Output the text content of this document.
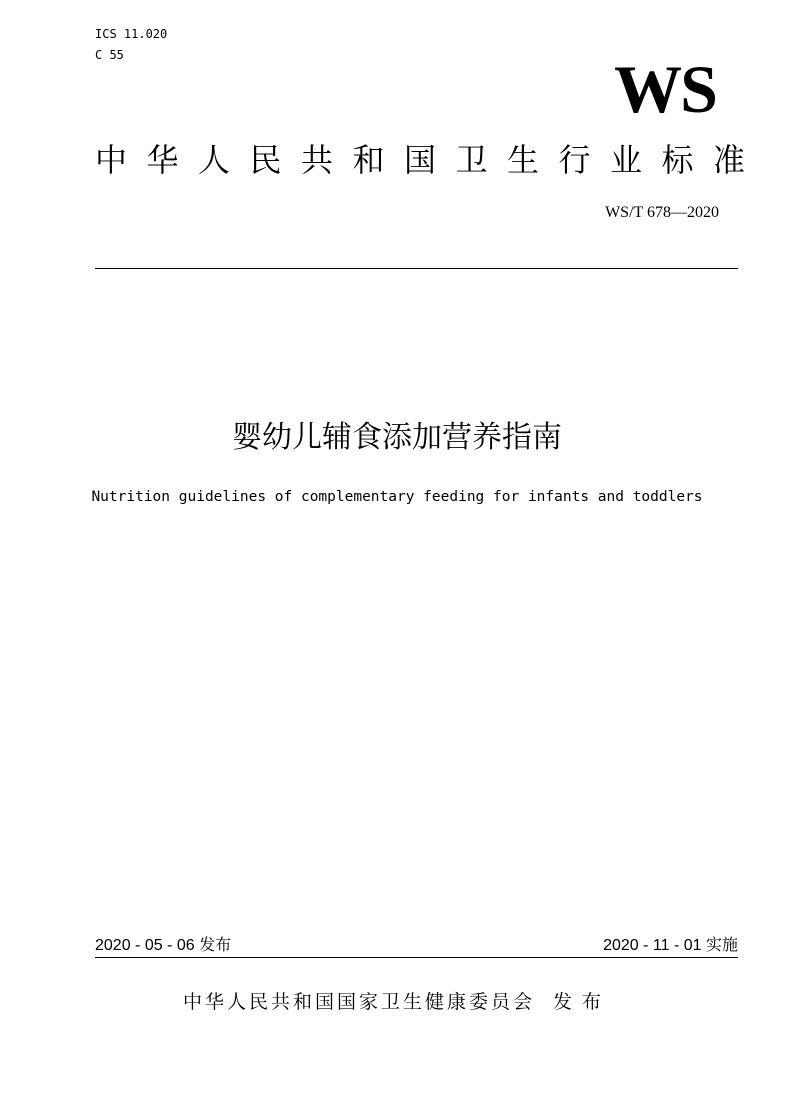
ICS 11.020
C 55	WS
中华人民共和国卫生行业标准
WS/T 678—2020
婴幼儿辅食添加营养指南
Nutrition guidelines of complementary feeding for infants and toddlers
2020 - 05 - 06 发布	2020 - 11 - 01 实施
中华人民共和国国家卫生健康委员会 发布
